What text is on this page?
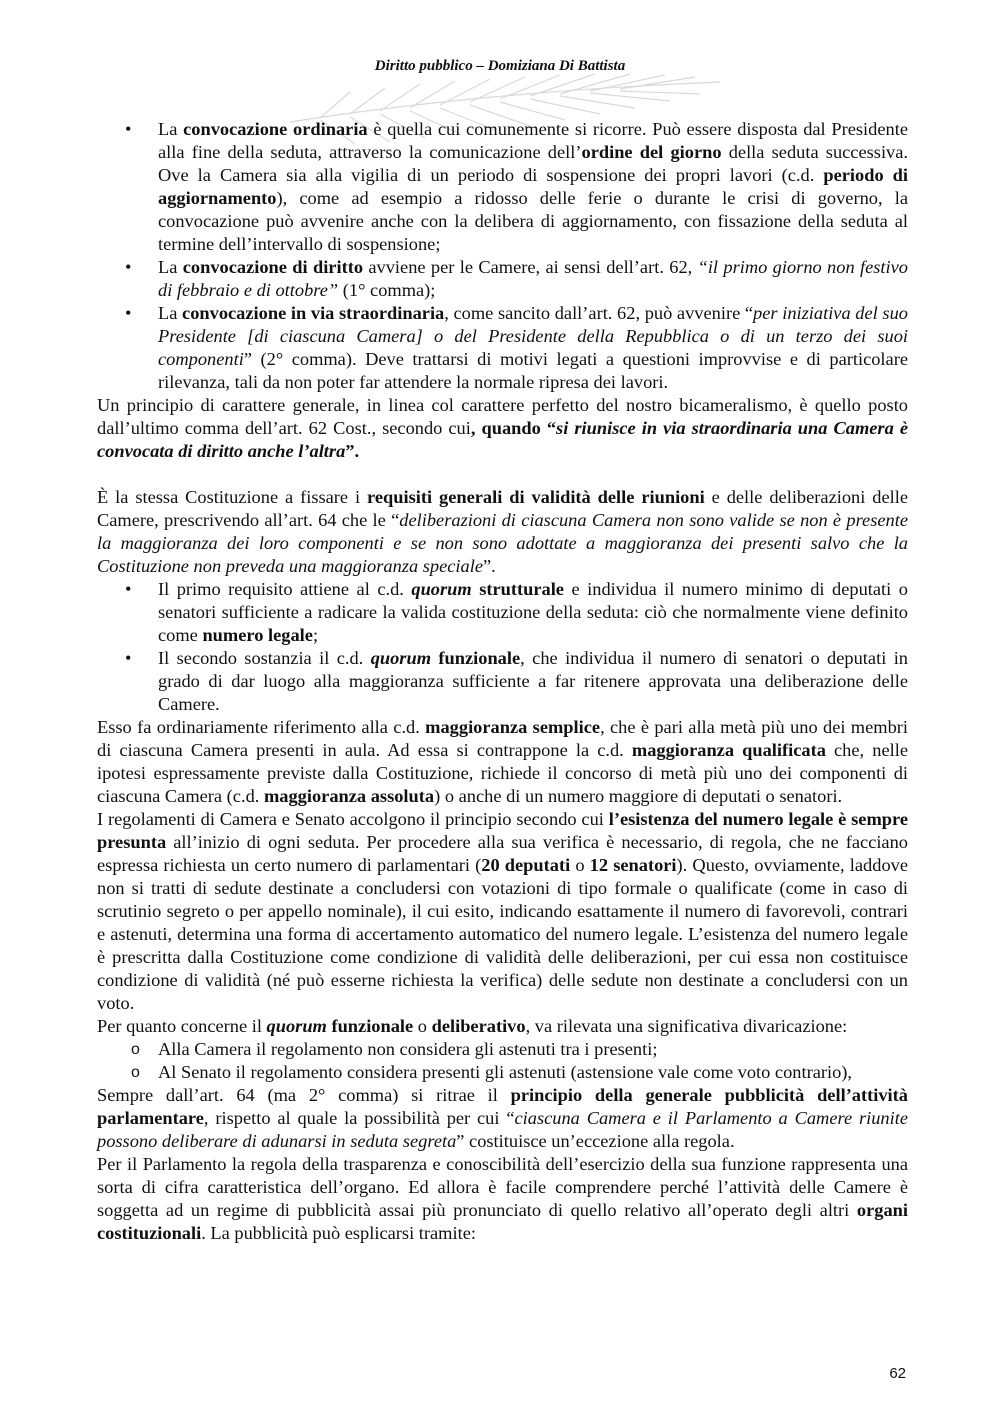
Diritto pubblico – Domiziana Di Battista
• La convocazione ordinaria è quella cui comunemente si ricorre. Può essere disposta dal Presidente alla fine della seduta, attraverso la comunicazione dell’ordine del giorno della seduta successiva. Ove la Camera sia alla vigilia di un periodo di sospensione dei propri lavori (c.d. periodo di aggiornamento), come ad esempio a ridosso delle ferie o durante le crisi di governo, la convocazione può avvenire anche con la delibera di aggiornamento, con fissazione della seduta al termine dell’intervallo di sospensione;
• La convocazione di diritto avviene per le Camere, ai sensi dell’art. 62, “il primo giorno non festivo di febbraio e di ottobre” (1° comma);
• La convocazione in via straordinaria, come sancito dall’art. 62, può avvenire “per iniziativa del suo Presidente [di ciascuna Camera] o del Presidente della Repubblica o di un terzo dei suoi componenti” (2° comma). Deve trattarsi di motivi legati a questioni improvvise e di particolare rilevanza, tali da non poter far attendere la normale ripresa dei lavori.

Un principio di carattere generale, in linea col carattere perfetto del nostro bicameralismo, è quello posto dall’ultimo comma dell’art. 62 Cost., secondo cui, quando “si riunisce in via straordinaria una Camera è convocata di diritto anche l’altra”.

È la stessa Costituzione a fissare i requisiti generali di validità delle riunioni e delle deliberazioni delle Camere, prescrivendo all’art. 64 che le “deliberazioni di ciascuna Camera non sono valide se non è presente la maggioranza dei loro componenti e se non sono adottate a maggioranza dei presenti salvo che la Costituzione non preveda una maggioranza speciale”.

• Il primo requisito attiene al c.d. quorum strutturale e individua il numero minimo di deputati o senatori sufficiente a radicare la valida costituzione della seduta: ciò che normalmente viene definito come numero legale;
• Il secondo sostanzia il c.d. quorum funzionale, che individua il numero di senatori o deputati in grado di dar luogo alla maggioranza sufficiente a far ritenere approvata una deliberazione delle Camere.

Esso fa ordinariamente riferimento alla c.d. maggioranza semplice, che è pari alla metà più uno dei membri di ciascuna Camera presenti in aula. Ad essa si contrappone la c.d. maggioranza qualificata che, nelle ipotesi espressamente previste dalla Costituzione, richiede il concorso di metà più uno dei componenti di ciascuna Camera (c.d. maggioranza assoluta) o anche di un numero maggiore di deputati o senatori.

I regolamenti di Camera e Senato accolgono il principio secondo cui l’esistenza del numero legale è sempre presunta all’inizio di ogni seduta. Per procedere alla sua verifica è necessario, di regola, che ne facciano espressa richiesta un certo numero di parlamentari (20 deputati o 12 senatori). Questo, ovviamente, laddove non si tratti di sedute destinate a concludersi con votazioni di tipo formale o qualificate (come in caso di scrutinio segreto o per appello nominale), il cui esito, indicando esattamente il numero di favorevoli, contrari e astenuti, determina una forma di accertamento automatico del numero legale. L’esistenza del numero legale è prescritta dalla Costituzione come condizione di validità delle deliberazioni, per cui essa non costituisce condizione di validità (né può esserne richiesta la verifica) delle sedute non destinate a concludersi con un voto.

Per quanto concerne il quorum funzionale o deliberativo, va rilevata una significativa divaricazione:

o Alla Camera il regolamento non considera gli astenuti tra i presenti;
o Al Senato il regolamento considera presenti gli astenuti (astensione vale come voto contrario),

Sempre dall’art. 64 (ma 2° comma) si ritrae il principio della generale pubblicità dell’attività parlamentare, rispetto al quale la possibilità per cui “ciascuna Camera e il Parlamento a Camere riunite possono deliberare di adunarsi in seduta segreta” costituisce un’eccezione alla regola.

Per il Parlamento la regola della trasparenza e conoscibilità dell’esercizio della sua funzione rappresenta una sorta di cifra caratteristica dell’organo. Ed allora è facile comprendere perché l’attività delle Camere è soggetta ad un regime di pubblicità assai più pronunciato di quello relativo all’operato degli altri organi costituzionali. La pubblicità può esplicarsi tramite:

62
